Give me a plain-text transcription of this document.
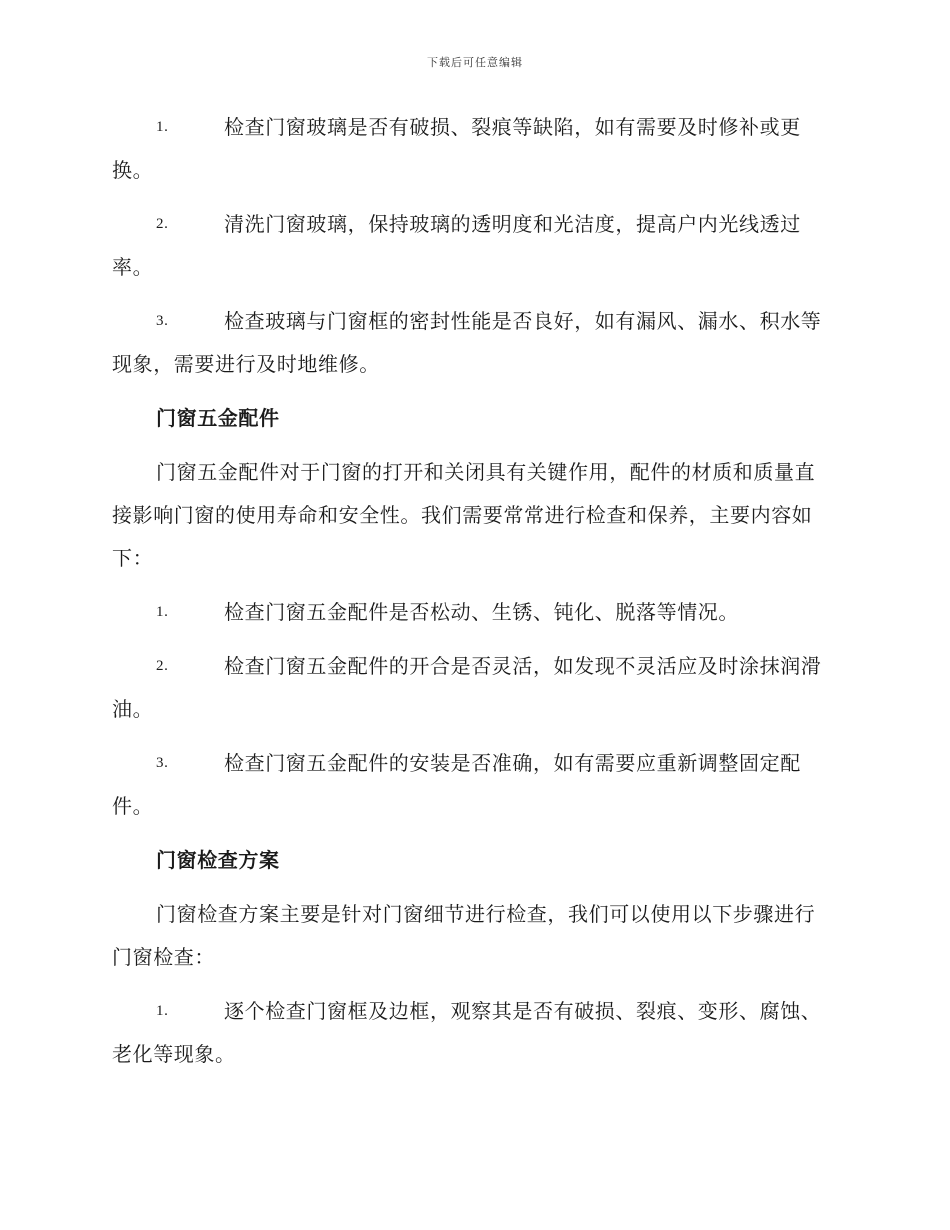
下载后可任意编辑
1.	检查门窗玻璃是否有破损、裂痕等缺陷，如有需要及时修补或更换。
2.	清洗门窗玻璃，保持玻璃的透明度和光洁度，提高户内光线透过率。
3.	检查玻璃与门窗框的密封性能是否良好，如有漏风、漏水、积水等现象，需要进行及时地维修。
门窗五金配件
门窗五金配件对于门窗的打开和关闭具有关键作用，配件的材质和质量直接影响门窗的使用寿命和安全性。我们需要常常进行检查和保养，主要内容如下：
1.	检查门窗五金配件是否松动、生锈、钝化、脱落等情况。
2.	检查门窗五金配件的开合是否灵活，如发现不灵活应及时涂抹润滑油。
3.	检查门窗五金配件的安装是否准确，如有需要应重新调整固定配件。
门窗检查方案
门窗检查方案主要是针对门窗细节进行检查，我们可以使用以下步骤进行门窗检查：
1.	逐个检查门窗框及边框，观察其是否有破损、裂痕、变形、腐蚀、老化等现象。
